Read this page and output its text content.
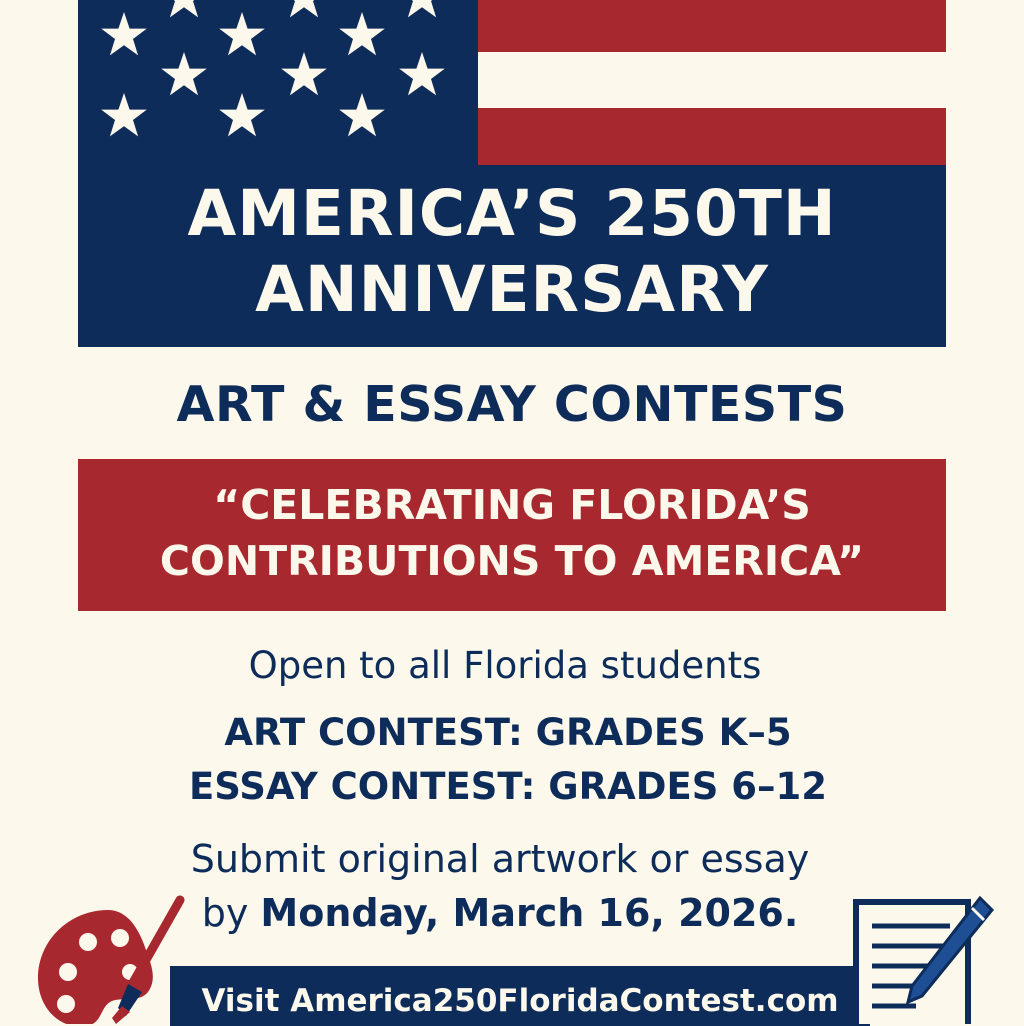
AMERICA’S 250TH
ANNIVERSARY
ART & ESSAY CONTESTS
“CELEBRATING FLORIDA’S
CONTRIBUTIONS TO AMERICA”

Open to all Florida students

ART CONTEST: GRADES K–5
ESSAY CONTEST: GRADES 6–12
Submit original artwork or essay
by Monday, March 16, 2026.
Visit America250FloridaContest.com
